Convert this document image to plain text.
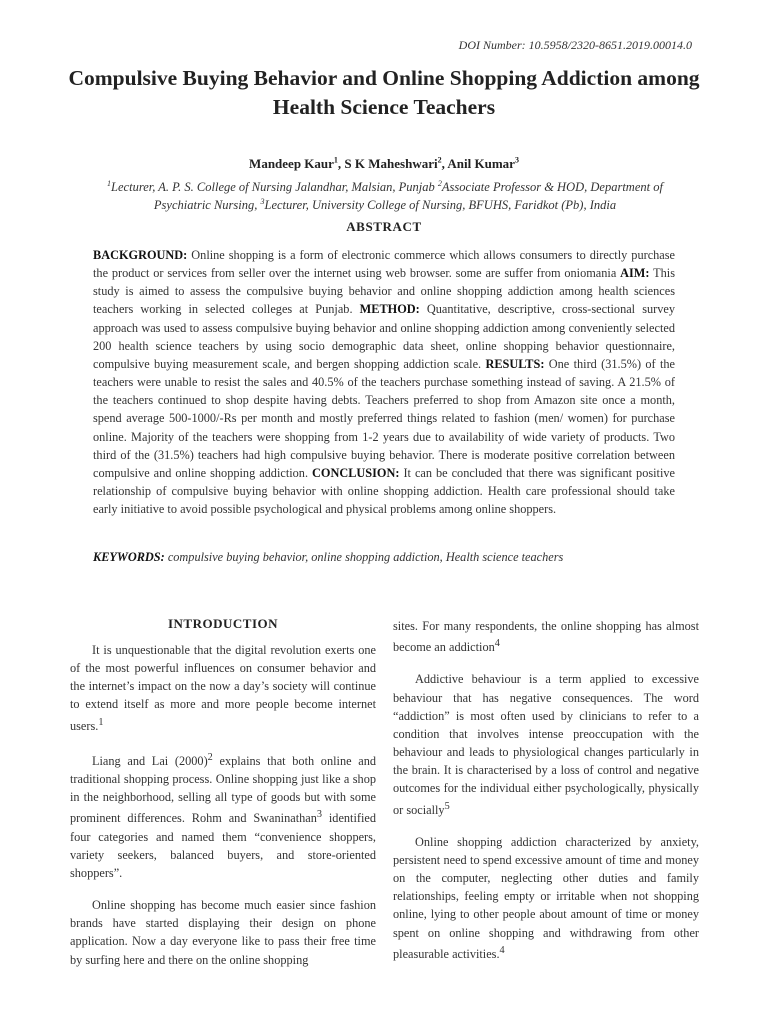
DOI Number: 10.5958/2320-8651.2019.00014.0
Compulsive Buying Behavior and Online Shopping Addiction among Health Science Teachers
Mandeep Kaur$^1$, S K Maheshwari$^2$, Anil Kumar$^3$
$^1$Lecturer, A. P. S. College of Nursing Jalandhar, Malsian, Punjab $^2$Associate Professor & HOD, Department of Psychiatric Nursing, $^3$Lecturer, University College of Nursing, BFUHS, Faridkot (Pb), India
ABSTRACT

BACKGROUND: Online shopping is a form of electronic commerce which allows consumers to directly purchase the product or services from seller over the internet using web browser. some are suffer from oniomania AIM: This study is aimed to assess the compulsive buying behavior and online shopping addiction among health sciences teachers working in selected colleges at Punjab. METHOD: Quantitative, descriptive, cross-sectional survey approach was used to assess compulsive buying behavior and online shopping addiction among conveniently selected 200 health science teachers by using socio demographic data sheet, online shopping behavior questionnaire, compulsive buying measurement scale, and bergen shopping addiction scale. RESULTS: One third (31.5%) of the teachers were unable to resist the sales and 40.5% of the teachers purchase something instead of saving. A 21.5% of the teachers continued to shop despite having debts. Teachers preferred to shop from Amazon site once a month, spend average 500-1000/-Rs per month and mostly preferred things related to fashion (men/ women) for purchase online. Majority of the teachers were shopping from 1-2 years due to availability of wide variety of products. Two third of the (31.5%) teachers had high compulsive buying behavior. There is moderate positive correlation between compulsive and online shopping addiction. CONCLUSION: It can be concluded that there was significant positive relationship of compulsive buying behavior with online shopping addiction. Health care professional should take early initiative to avoid possible psychological and physical problems among online shoppers.

KEYWORDS: compulsive buying behavior, online shopping addiction, Health science teachers
INTRODUCTION

It is unquestionable that the digital revolution exerts one of the most powerful influences on consumer behavior and the internet’s impact on the now a day’s society will continue to extend itself as more and more people become internet users.$^1$

Liang and Lai $(2000)^2$ explains that both online and traditional shopping process. Online shopping just like a shop in the neighborhood, selling all type of goods but with some prominent differences. Rohm and Swaninathan$^3$ identified four categories and named them “convenience shoppers, variety seekers, balanced buyers, and store-oriented shoppers”.

Online shopping has become much easier since fashion brands have started displaying their design on phone application. Now a day everyone like to pass their free time by surfing here and there on the online shopping

sites. For many respondents, the online shopping has almost become an addiction$^4$

Addictive behaviour is a term applied to excessive behaviour that has negative consequences. The word “addiction” is most often used by clinicians to refer to a condition that involves intense preoccupation with the behaviour and leads to physiological changes particularly in the brain. It is characterised by a loss of control and negative outcomes for the individual either psychologically, physically or socially$^5$

Online shopping addiction characterized by anxiety, persistent need to spend excessive amount of time and money on the computer, neglecting other duties and family relationships, feeling empty or irritable when not shopping online, lying to other people about amount of time or money spent on online shopping and withdrawing from other pleasurable activities.$^4$
